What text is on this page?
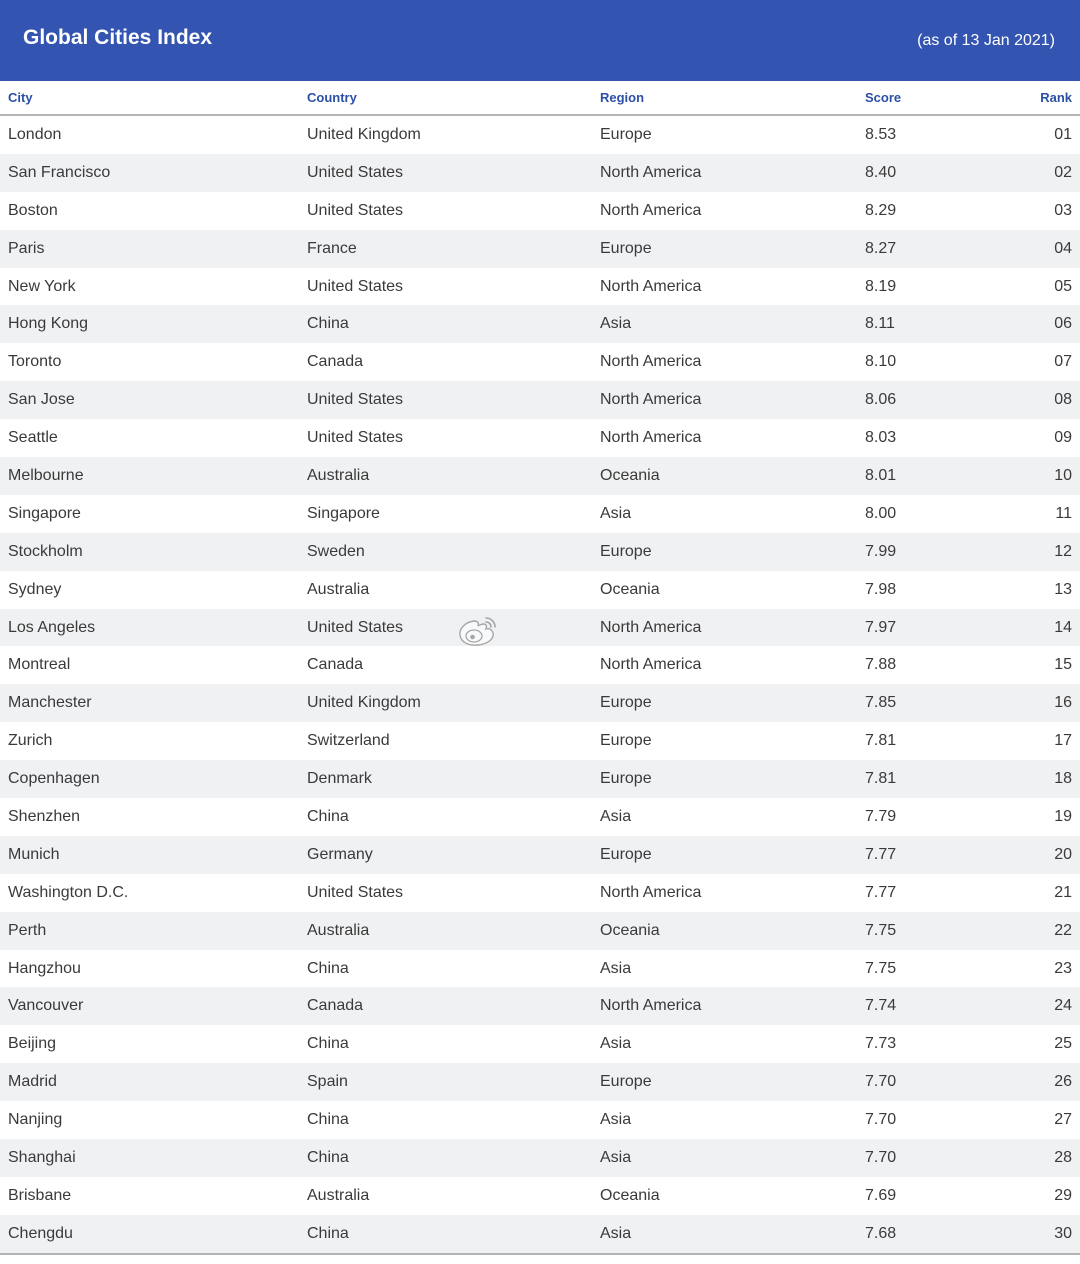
Global Cities Index	(as of 13 Jan 2021)
City	Country	Region	Score	Rank
London	United Kingdom	Europe	8.53	01
San Francisco	United States	North America	8.40	02
Boston	United States	North America	8.29	03
Paris	France	Europe	8.27	04
New York	United States	North America	8.19	05
Hong Kong	China	Asia	8.11	06
Toronto	Canada	North America	8.10	07
San Jose	United States	North America	8.06	08
Seattle	United States	North America	8.03	09
Melbourne	Australia	Oceania	8.01	10
Singapore	Singapore	Asia	8.00	11
Stockholm	Sweden	Europe	7.99	12
Sydney	Australia	Oceania	7.98	13
Los Angeles	United States	North America	7.97	14
Montreal	Canada	North America	7.88	15
Manchester	United Kingdom	Europe	7.85	16
Zurich	Switzerland	Europe	7.81	17
Copenhagen	Denmark	Europe	7.81	18
Shenzhen	China	Asia	7.79	19
Munich	Germany	Europe	7.77	20
Washington D.C.	United States	North America	7.77	21
Perth	Australia	Oceania	7.75	22
Hangzhou	China	Asia	7.75	23
Vancouver	Canada	North America	7.74	24
Beijing	China	Asia	7.73	25
Madrid	Spain	Europe	7.70	26
Nanjing	China	Asia	7.70	27
Shanghai	China	Asia	7.70	28
Brisbane	Australia	Oceania	7.69	29
Chengdu	China	Asia	7.68	30
